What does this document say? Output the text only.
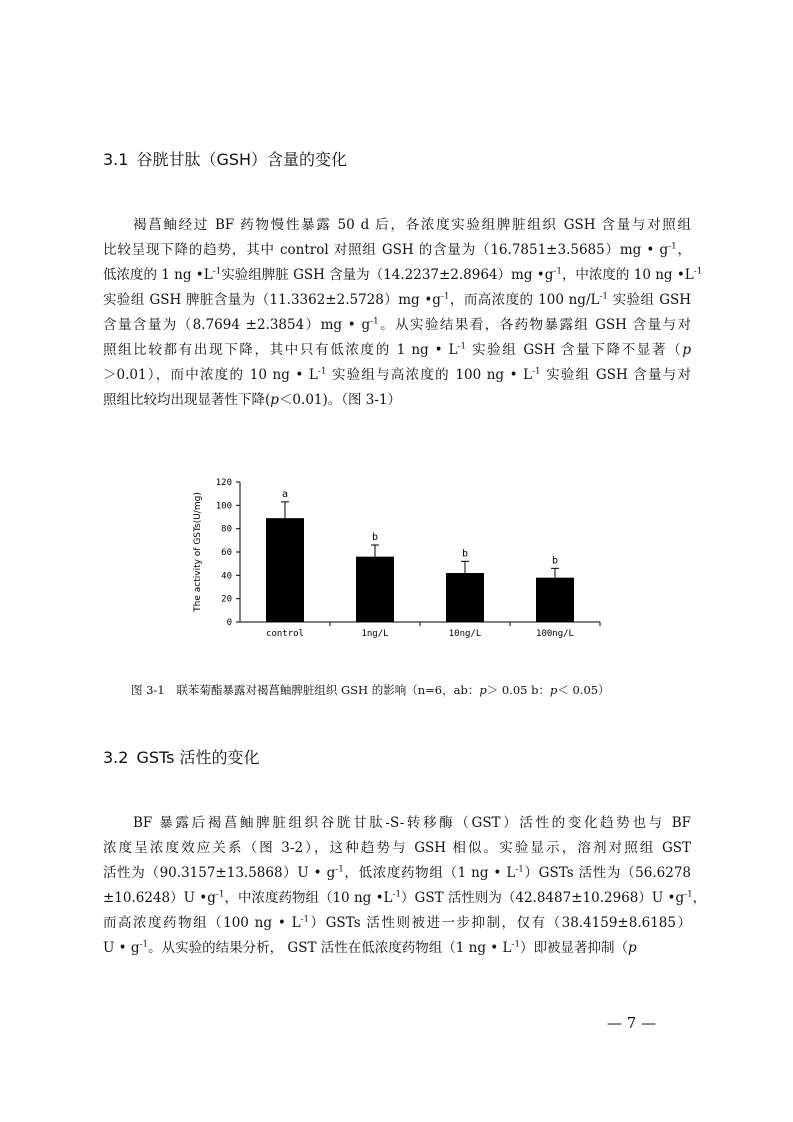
3.1 谷胱甘肽（GSH）含量的变化
褐菖鲉经过 BF 药物慢性暴露 50 d 后，各浓度实验组脾脏组织 GSH 含量与对照组
比较呈现下降的趋势，其中 control 对照组 GSH 的含量为（16.7851±3.5685）mg • $g^{-1}$，
低浓度的 1 ng $•L^{-1}$实验组脾脏 GSH 含量为（14.2237±2.8964）mg $•g^{-1}$，中浓度的 10 ng $•L^{-1}$
实验组 GSH 脾脏含量为（11.3362±2.5728）mg $•g^{-1}$，而高浓度的 100 $ng/L^{-1}$ 实验组 GSH
含量含量为（8.7694 ±2.3854）mg • $g^{-1}$。从实验结果看，各药物暴露组 GSH 含量与对
照组比较都有出现下降，其中只有低浓度的 1 ng • $L^{-1}$ 实验组 GSH 含量下降不显著（p
＞0.01），而中浓度的 10 ng • $L^{-1}$ 实验组与高浓度的 100 ng • $L^{-1}$ 实验组 GSH 含量与对
照组比较均出现显著性下降(p＜0.01)。（图 3-1）
0
20
40
60
80
100
120
The activity of GSTs(U/mg)	a
control
b
1ng/L
b
10ng/L
b
100ng/L

图 3-1 联苯菊酯暴露对褐菖鲉脾脏组织 GSH 的影响（n=6，ab：p＞ 0.05 b：p＜ 0.05）

3.2 GSTs 活性的变化
BF 暴露后褐菖鲉脾脏组织谷胱甘肽-S-转移酶（GST）活性的变化趋势也与 BF
浓度呈浓度效应关系（图 3-2），这种趋势与 GSH 相似。实验显示，溶剂对照组 GST
活性为（90.3157±13.5868）U • $g^{-1}$，低浓度药物组（1 ng • $L^{-1})GSTs$ 活性为（56.6278
±10.6248）U $•g^{-1}$，中浓度药物组（10 ng $•L^{-1})GST$ 活性则为（42.8487±10.2968）U $•g^{-1}$，
而高浓度药物组（100 ng • $L^{-1})GSTs$ 活性则被进一步抑制，仅有（38.4159±8.6185）
U • $g^{-1}$。从实验的结果分析， GST 活性在低浓度药物组（1 ng • $L^{-1}$）即被显著抑制（p
— 7 —
